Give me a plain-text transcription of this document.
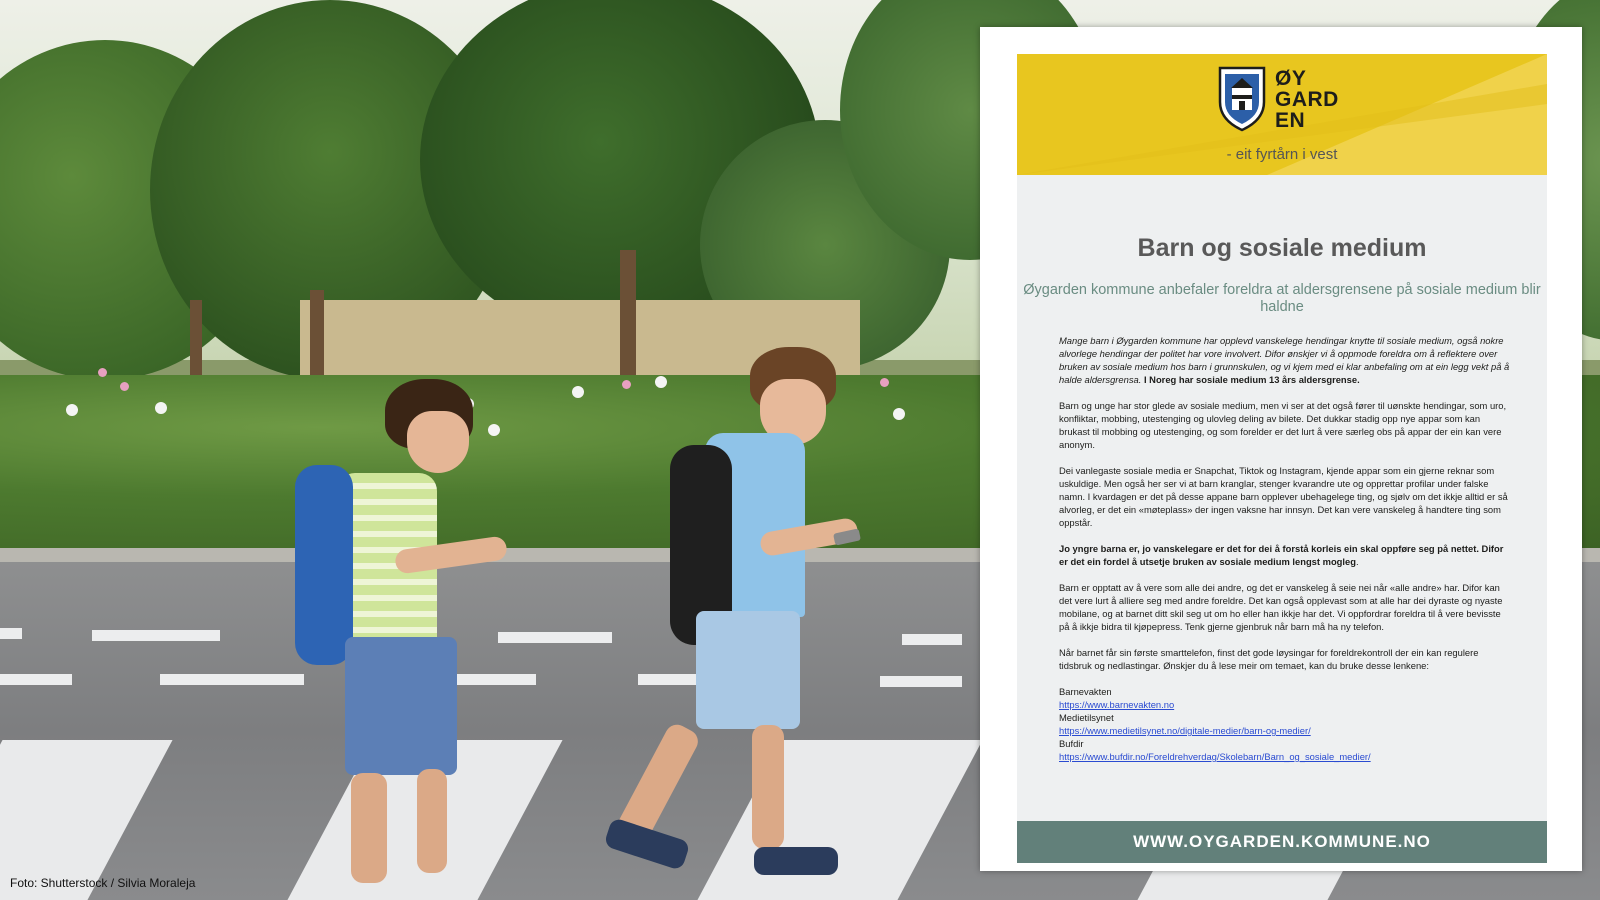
Foto: Shutterstock / Silvia Moraleja
ØY
GARD
EN
- eit fyrtårn i vest
Barn og sosiale medium
Øygarden kommune anbefaler foreldra at aldersgrensene på sosiale medium blir haldne

Mange barn i Øygarden kommune har opplevd vanskelege hendingar knytte til sosiale medium, også nokre alvorlege hendingar der politet har vore involvert. Difor ønskjer vi å oppmode foreldra om å reflektere over bruken av sosiale medium hos barn i grunnskulen, og vi kjem med ei klar anbefaling om at ein legg vekt på å halde aldersgrensa. I Noreg har sosiale medium 13 års aldersgrense.

Barn og unge har stor glede av sosiale medium, men vi ser at det også fører til uønskte hendingar, som uro, konfliktar, mobbing, utestenging og ulovleg deling av bilete. Det dukkar stadig opp nye appar som kan brukast til mobbing og utestenging, og som forelder er det lurt å vere særleg obs på appar der ein kan vere anonym.

Dei vanlegaste sosiale media er Snapchat, Tiktok og Instagram, kjende appar som ein gjerne reknar som uskuldige. Men også her ser vi at barn kranglar, stenger kvarandre ute og opprettar profilar under falske namn. I kvardagen er det på desse appane barn opplever ubehagelege ting, og sjølv om det ikkje alltid er så alvorleg, er det ein «møteplass» der ingen vaksne har innsyn. Det kan vere vanskeleg å handtere ting som oppstår.

Jo yngre barna er, jo vanskelegare er det for dei å forstå korleis ein skal oppføre seg på nettet. Difor er det ein fordel å utsetje bruken av sosiale medium lengst mogleg.

Barn er opptatt av å vere som alle dei andre, og det er vanskeleg å seie nei når «alle andre» har. Difor kan det vere lurt å alliere seg med andre foreldre. Det kan også opplevast som at alle har dei dyraste og nyaste mobilane, og at barnet ditt skil seg ut om ho eller han ikkje har det. Vi oppfordrar foreldra til å vere bevisste på å ikkje bidra til kjøpepress. Tenk gjerne gjenbruk når barn må ha ny telefon.

Når barnet får sin første smarttelefon, finst det gode løysingar for foreldrekontroll der ein kan regulere tidsbruk og nedlastingar. Ønskjer du å lese meir om temaet, kan du bruke desse lenkene:

Barnevakten
https://www.barnevakten.no
Medietilsynet
https://www.medietilsynet.no/digitale-medier/barn-og-medier/
Bufdir
https://www.bufdir.no/Foreldrehverdag/Skolebarn/Barn_og_sosiale_medier/
WWW.OYGARDEN.KOMMUNE.NO
